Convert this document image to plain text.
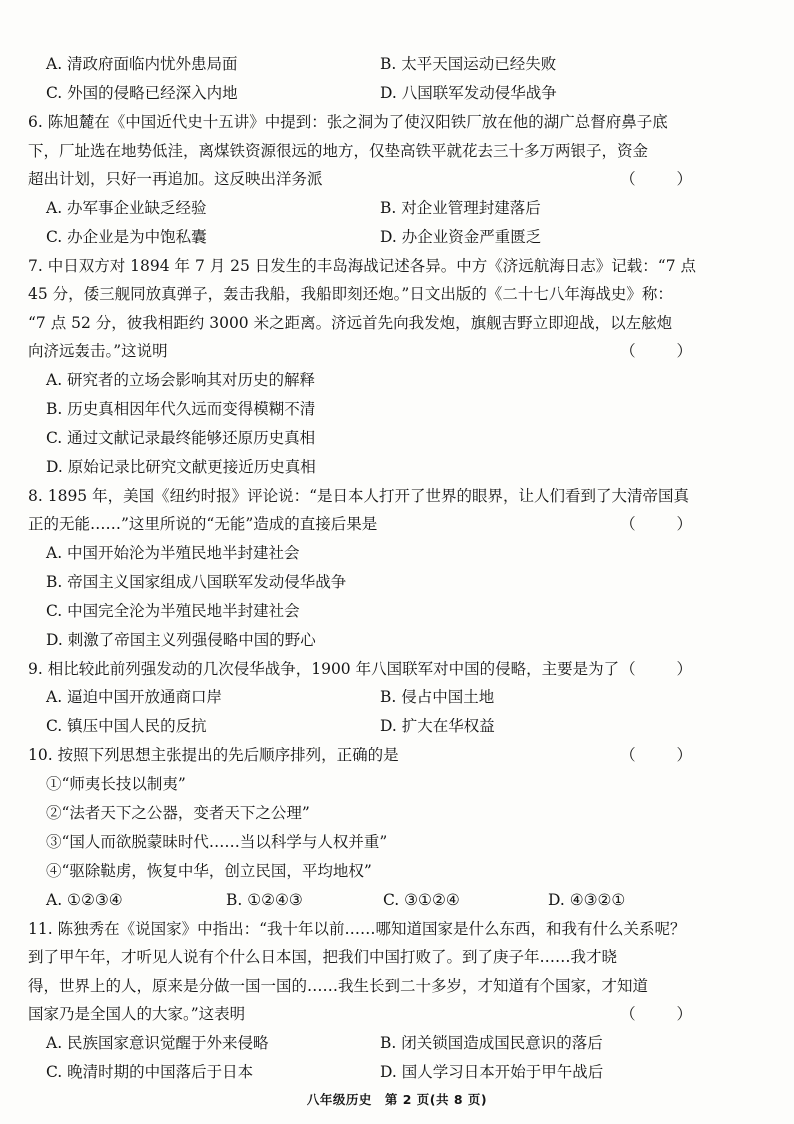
A. 清政府面临内忧外患局面	B. 太平天国运动已经失败
C. 外国的侵略已经深入内地	D. 八国联军发动侵华战争
6. 陈旭麓在《中国近代史十五讲》中提到：张之洞为了使汉阳铁厂放在他的湖广总督府鼻子底
下，厂址选在地势低洼，离煤铁资源很远的地方，仅垫高铁平就花去三十多万两银子，资金
超出计划，只好一再追加。这反映出洋务派	（ ）
A. 办军事企业缺乏经验	B. 对企业管理封建落后
C. 办企业是为中饱私囊	D. 办企业资金严重匮乏
7. 中日双方对 1894 年 7 月 25 日发生的丰岛海战记述各异。中方《济远航海日志》记载：“7 点
45 分，倭三舰同放真弹子，轰击我船，我船即刻还炮。”日文出版的《二十七八年海战史》称：
“7 点 52 分，彼我相距约 3000 米之距离。济远首先向我发炮，旗舰吉野立即迎战，以左舷炮
向济远轰击。”这说明	（ ）
A. 研究者的立场会影响其对历史的解释
B. 历史真相因年代久远而变得模糊不清
C. 通过文献记录最终能够还原历史真相
D. 原始记录比研究文献更接近历史真相
8. 1895 年，美国《纽约时报》评论说：“是日本人打开了世界的眼界，让人们看到了大清帝国真
正的无能……”这里所说的“无能”造成的直接后果是	（ ）
A. 中国开始沦为半殖民地半封建社会
B. 帝国主义国家组成八国联军发动侵华战争
C. 中国完全沦为半殖民地半封建社会
D. 刺激了帝国主义列强侵略中国的野心
9. 相比较此前列强发动的几次侵华战争，1900 年八国联军对中国的侵略，主要是为了 （ ）
A. 逼迫中国开放通商口岸	B. 侵占中国土地
C. 镇压中国人民的反抗	D. 扩大在华权益
10. 按照下列思想主张提出的先后顺序排列，正确的是	（ ）
①“师夷长技以制夷”
②“法者天下之公器，变者天下之公理”
③“国人而欲脱蒙昧时代……当以科学与人权并重”
④“驱除鞑虏，恢复中华，创立民国，平均地权”
A. ①②③④	B. ①②④③	C. ③①②④	D. ④③②①
11. 陈独秀在《说国家》中指出：“我十年以前……哪知道国家是什么东西，和我有什么关系呢？
到了甲午年，才听见人说有个什么日本国，把我们中国打败了。到了庚子年……我才晓
得，世界上的人，原来是分做一国一国的……我生长到二十多岁，才知道有个国家，才知道
国家乃是全国人的大家。”这表明	（ ）
A. 民族国家意识觉醒于外来侵略	B. 闭关锁国造成国民意识的落后
C. 晚清时期的中国落后于日本	D. 国人学习日本开始于甲午战后
八年级历史　第 2 页(共 8 页)
